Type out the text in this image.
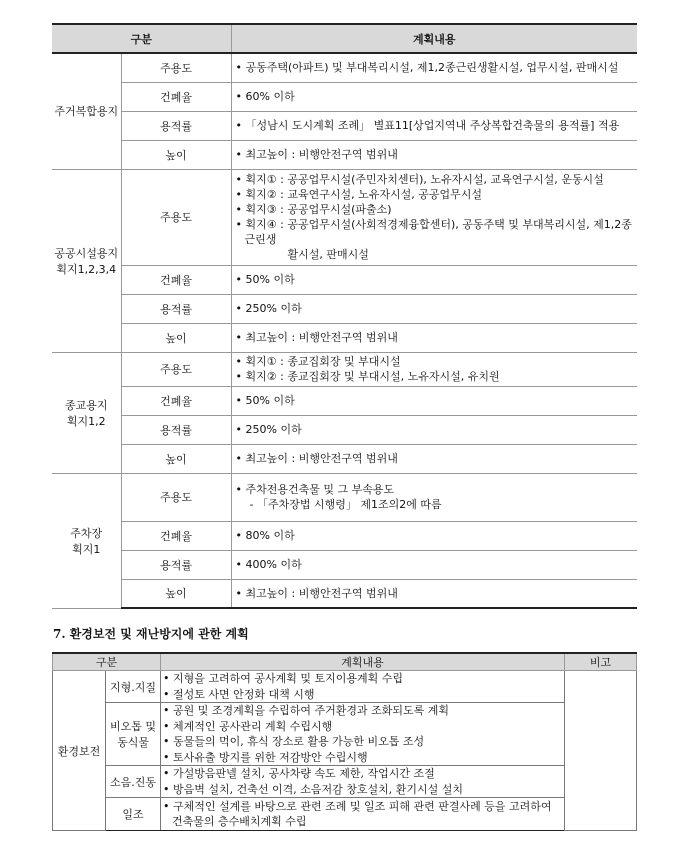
구분		계획내용
주거복합용지	주용도	• 공동주택(아파트) 및 부대복리시설, 제1,2종근린생활시설, 업무시설, 판매시설

	건폐율	• 60% 이하

	용적률	• 「성남시 도시계획 조례」 별표11[상업지역내 주상복합건축물의 용적률] 적용

	높이	• 최고높이 : 비행안전구역 범위내

공공시설용지
획지1,2,3,4	주용도	• 획지① : 공공업무시설(주민자치센터), 노유자시설, 교육연구시설, 운동시설
• 획지② : 교육연구시설, 노유자시설, 공공업무시설
• 획지③ : 공공업무시설(파출소)
• 획지④ : 공공업무시설(사회적경제융합센터), 공동주택 및 부대복리시설, 제1,2종근린생
활시설, 판매시설

	건폐율	• 50% 이하

	용적률	• 250% 이하

	높이	• 최고높이 : 비행안전구역 범위내

종교용지
획지1,2	주용도	• 획지① : 종교집회장 및 부대시설
• 획지② : 종교집회장 및 부대시설, 노유자시설, 유치원

	건폐율	• 50% 이하

	용적률	• 250% 이하

	높이	• 최고높이 : 비행안전구역 범위내

주차장
획지1	주용도	• 주차전용건축물 및 그 부속용도
- 「주차장법 시행령」 제1조의2에 따름

	건폐율	• 80% 이하

	용적률	• 400% 이하

	높이	• 최고높이 : 비행안전구역 범위내
7. 환경보전 및 재난방지에 관한 계획
구분		계획내용	비고
환경보전	지형.지질	• 지형을 고려하여 공사계획 및 토지이용계획 수립
• 절성토 사면 안정화 대책 시행

	비오톱 및
동식물	• 공원 및 조경계획을 수립하여 주거환경과 조화되도록 계획
• 체계적인 공사관리 계획 수립시행
• 동물들의 먹이, 휴식 장소로 활용 가능한 비오톱 조성
• 토사유출 방지를 위한 저감방안 수립시행

	소음.진동	• 가설방음판넬 설치, 공사차량 속도 제한, 작업시간 조절
• 방음벽 설치, 건축선 이격, 소음저감 창호설치, 환기시설 설치

	일조	• 구체적인 설계를 바탕으로 관련 조례 및 일조 피해 관련 판결사례 등을 고려하여
건축물의 층수배치계획 수립
